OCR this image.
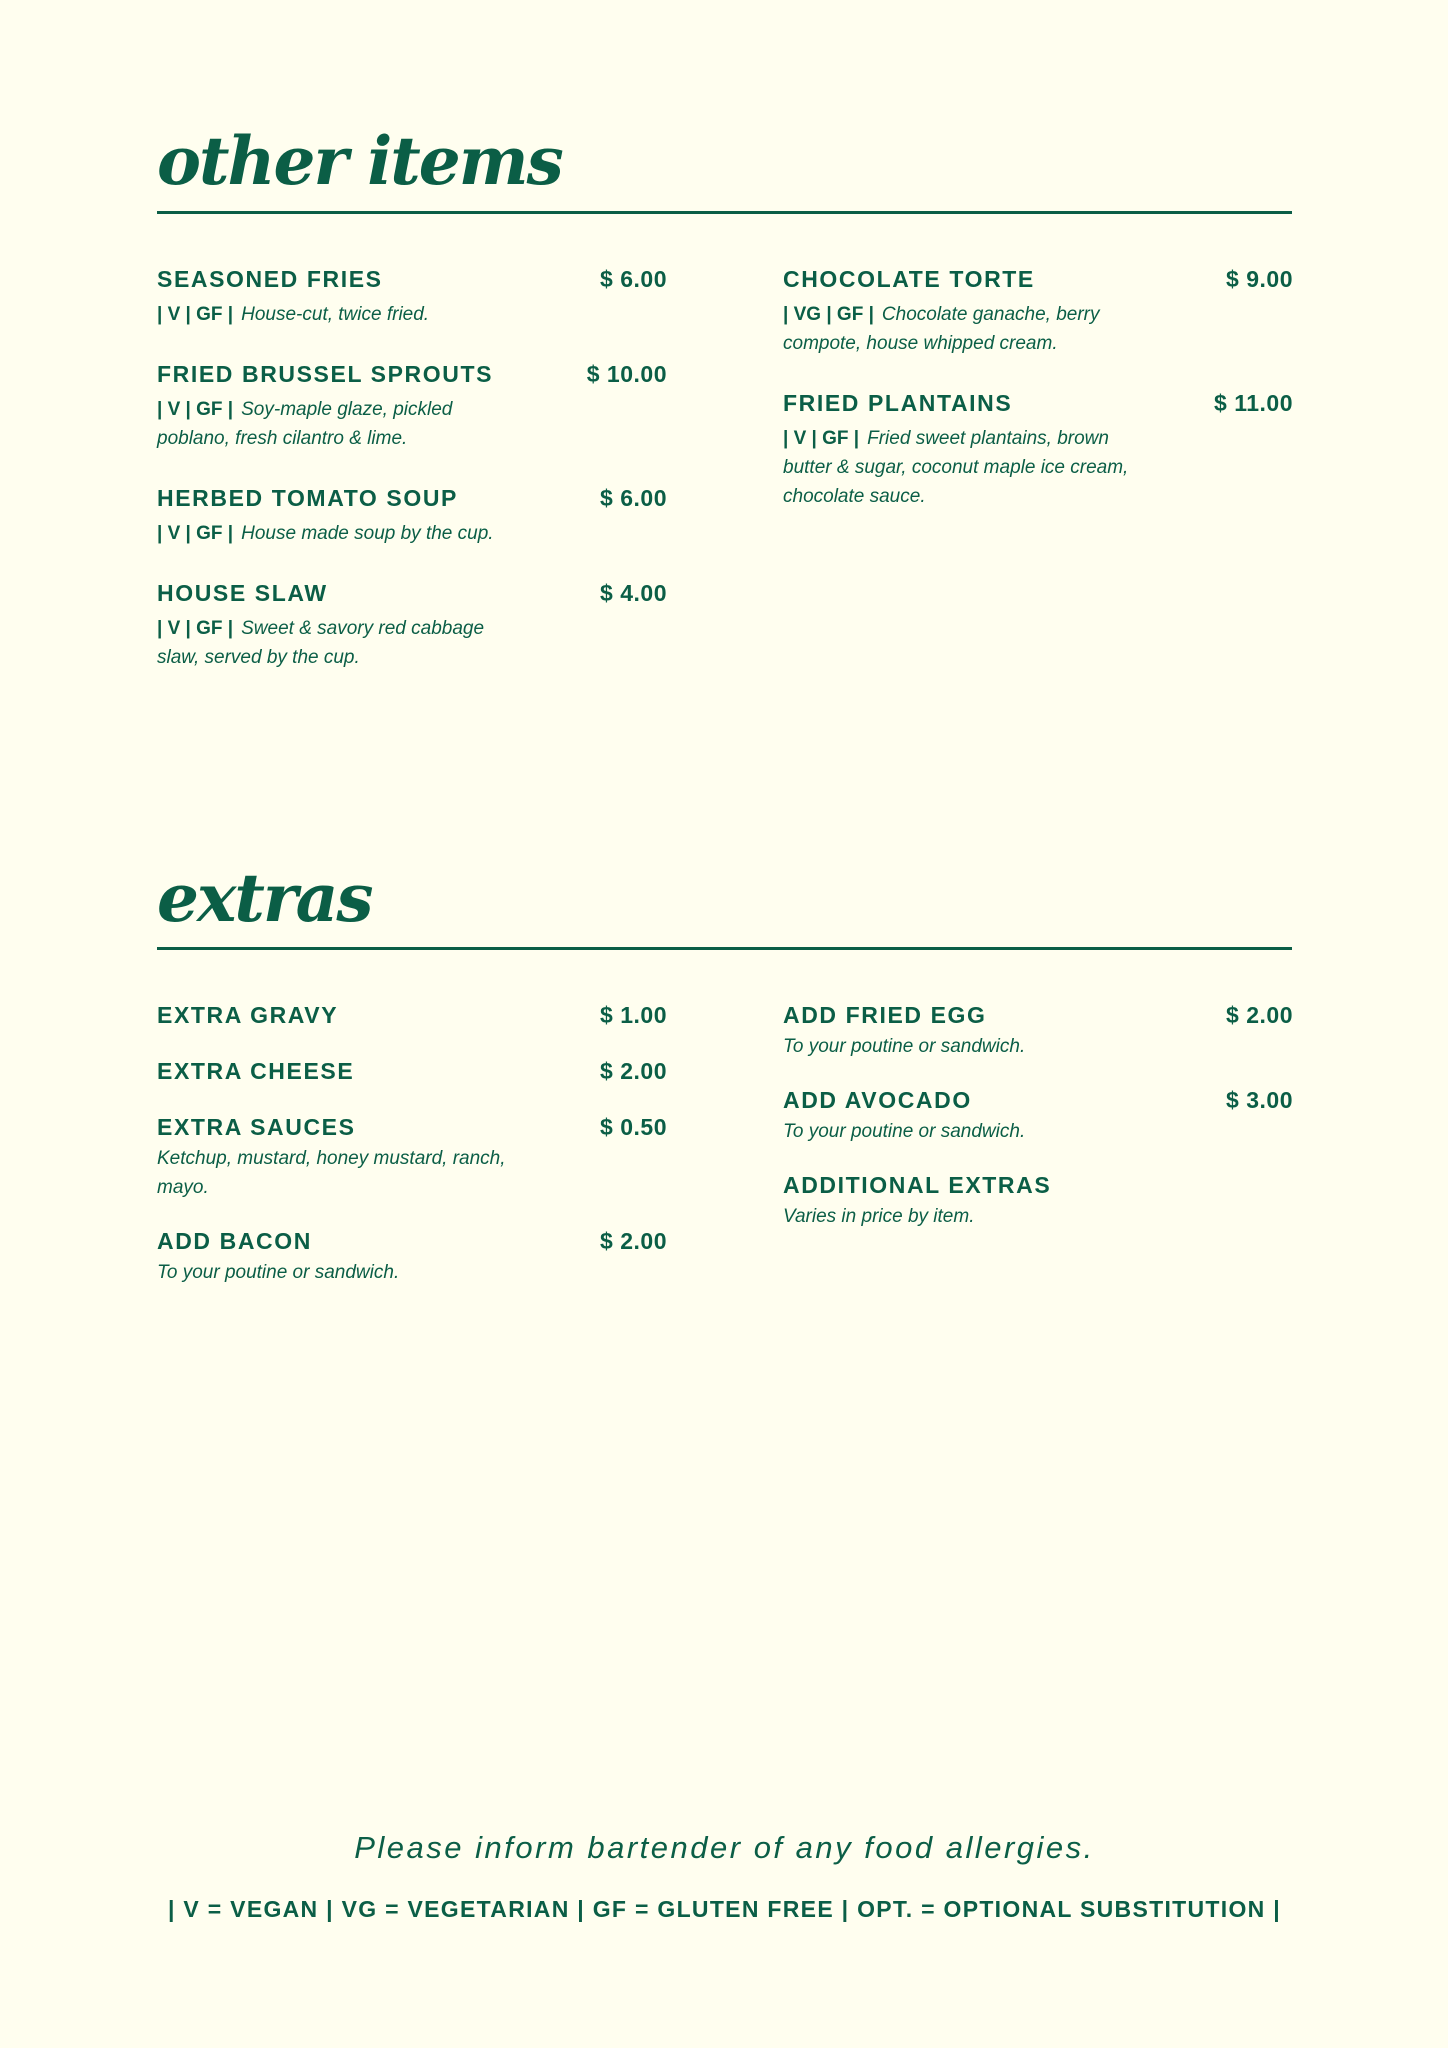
other items
SEASONED FRIES	$ 6.00
| V | GF | House-cut, twice fried.
FRIED BRUSSEL SPROUTS	$ 10.00
| V | GF | Soy-maple glaze, pickled poblano, fresh cilantro & lime.
HERBED TOMATO SOUP	$ 6.00
| V | GF | House made soup by the cup.
HOUSE SLAW	$ 4.00
| V | GF | Sweet & savory red cabbage slaw, served by the cup.
CHOCOLATE TORTE	$ 9.00
| VG | GF | Chocolate ganache, berry compote, house whipped cream.
FRIED PLANTAINS	$ 11.00
| V | GF | Fried sweet plantains, brown butter & sugar, coconut maple ice cream, chocolate sauce.
extras
EXTRA GRAVY	$ 1.00
EXTRA CHEESE	$ 2.00
EXTRA SAUCES	$ 0.50
Ketchup, mustard, honey mustard, ranch, mayo.
ADD BACON	$ 2.00
To your poutine or sandwich.
ADD FRIED EGG	$ 2.00
To your poutine or sandwich.
ADD AVOCADO	$ 3.00
To your poutine or sandwich.
ADDITIONAL EXTRAS
Varies in price by item.
Please inform bartender of any food allergies.
| V = VEGAN | VG = VEGETARIAN | GF = GLUTEN FREE | OPT. = OPTIONAL SUBSTITUTION |
